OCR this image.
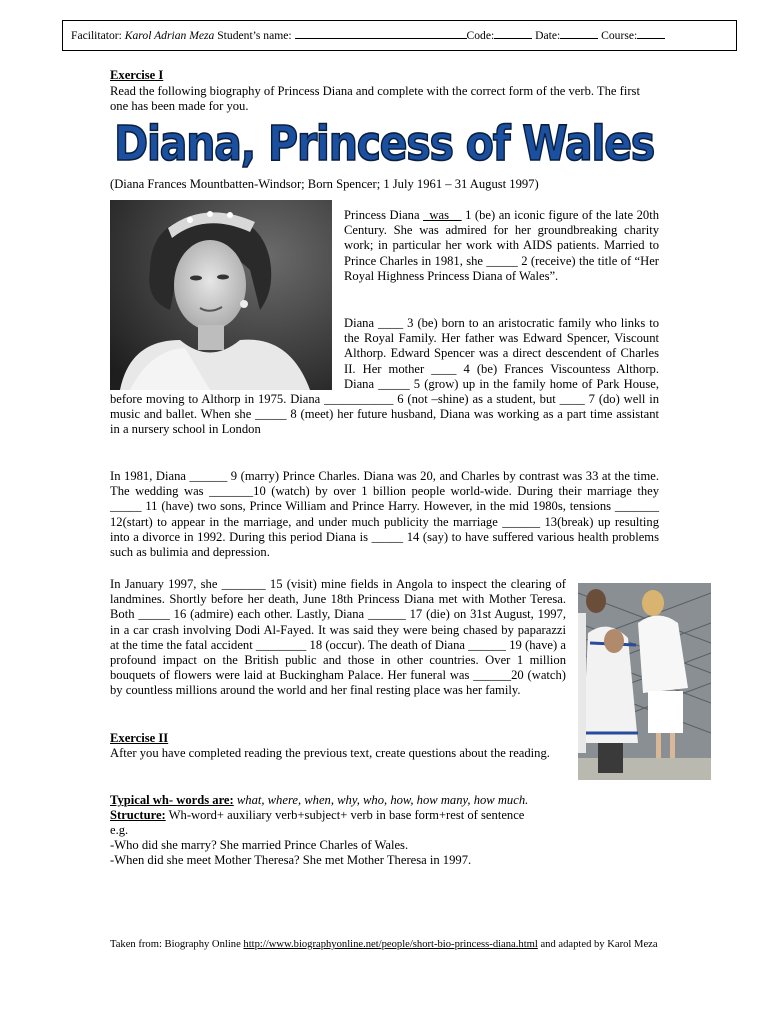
Facilitator: Karol Adrian Meza Student’s name:	Code:	Date:	Course:
Exercise I
Read the following biography of Princess Diana and complete with the correct form of the verb. The first one has been made for you.
Diana, Princess of Wales
(Diana Frances Mountbatten-Windsor; Born Spencer; 1 July 1961 – 31 August 1997)

Princess Diana _was__ 1 (be) an iconic figure of the late 20th Century. She was admired for her groundbreaking charity work; in particular her work with AIDS patients. Married to Prince Charles in 1981, she _____ 2 (receive) the title of “Her Royal Highness Princess Diana of Wales”.

Diana ____ 3 (be) born to an aristocratic family who links to the Royal Family. Her father was Edward Spencer, Viscount Althorp. Edward Spencer was a direct descendent of Charles II. Her mother ____ 4 (be) Frances Viscountess Althorp. Diana _____ 5 (grow) up in the family home of Park House, before moving to Althorp in 1975. Diana ___________ 6 (not –shine) as a student, but ____ 7 (do) well in music and ballet. When she _____ 8 (meet) her future husband, Diana was working as a part time assistant in a nursery school in London

In 1981, Diana ______ 9 (marry) Prince Charles. Diana was 20, and Charles by contrast was 33 at the time. The wedding was _______10 (watch) by over 1 billion people world-wide. During their marriage they _____ 11 (have) two sons, Prince William and Prince Harry. However, in the mid 1980s, tensions _______ 12(start) to appear in the marriage, and under much publicity the marriage ______ 13(break) up resulting into a divorce in 1992. During this period Diana is _____ 14 (say) to have suffered various health problems such as bulimia and depression.

In January 1997, she _______ 15 (visit) mine fields in Angola to inspect the clearing of landmines. Shortly before her death, June 18th Princess Diana met with Mother Teresa. Both _____ 16 (admire) each other. Lastly, Diana ______ 17 (die) on 31st August, 1997, in a car crash involving Dodi Al-Fayed. It was said they were being chased by paparazzi at the time the fatal accident ________ 18 (occur). The death of Diana ______ 19 (have) a profound impact on the British public and those in other countries. Over 1 million bouquets of flowers were laid at Buckingham Palace. Her funeral was ______20 (watch) by countless millions around the world and her final resting place was her family.

Exercise II
After you have completed reading the previous text, create questions about the reading.
Typical wh- words are: what, where, when, why, who, how, how many, how much.
Structure: Wh-word+ auxiliary verb+subject+ verb in base form+rest of sentence
e.g.
-Who did she marry? She married Prince Charles of Wales.
-When did she meet Mother Theresa? She met Mother Theresa in 1997.
Taken from: Biography Online http://www.biographyonline.net/people/short-bio-princess-diana.html and adapted by Karol Meza
